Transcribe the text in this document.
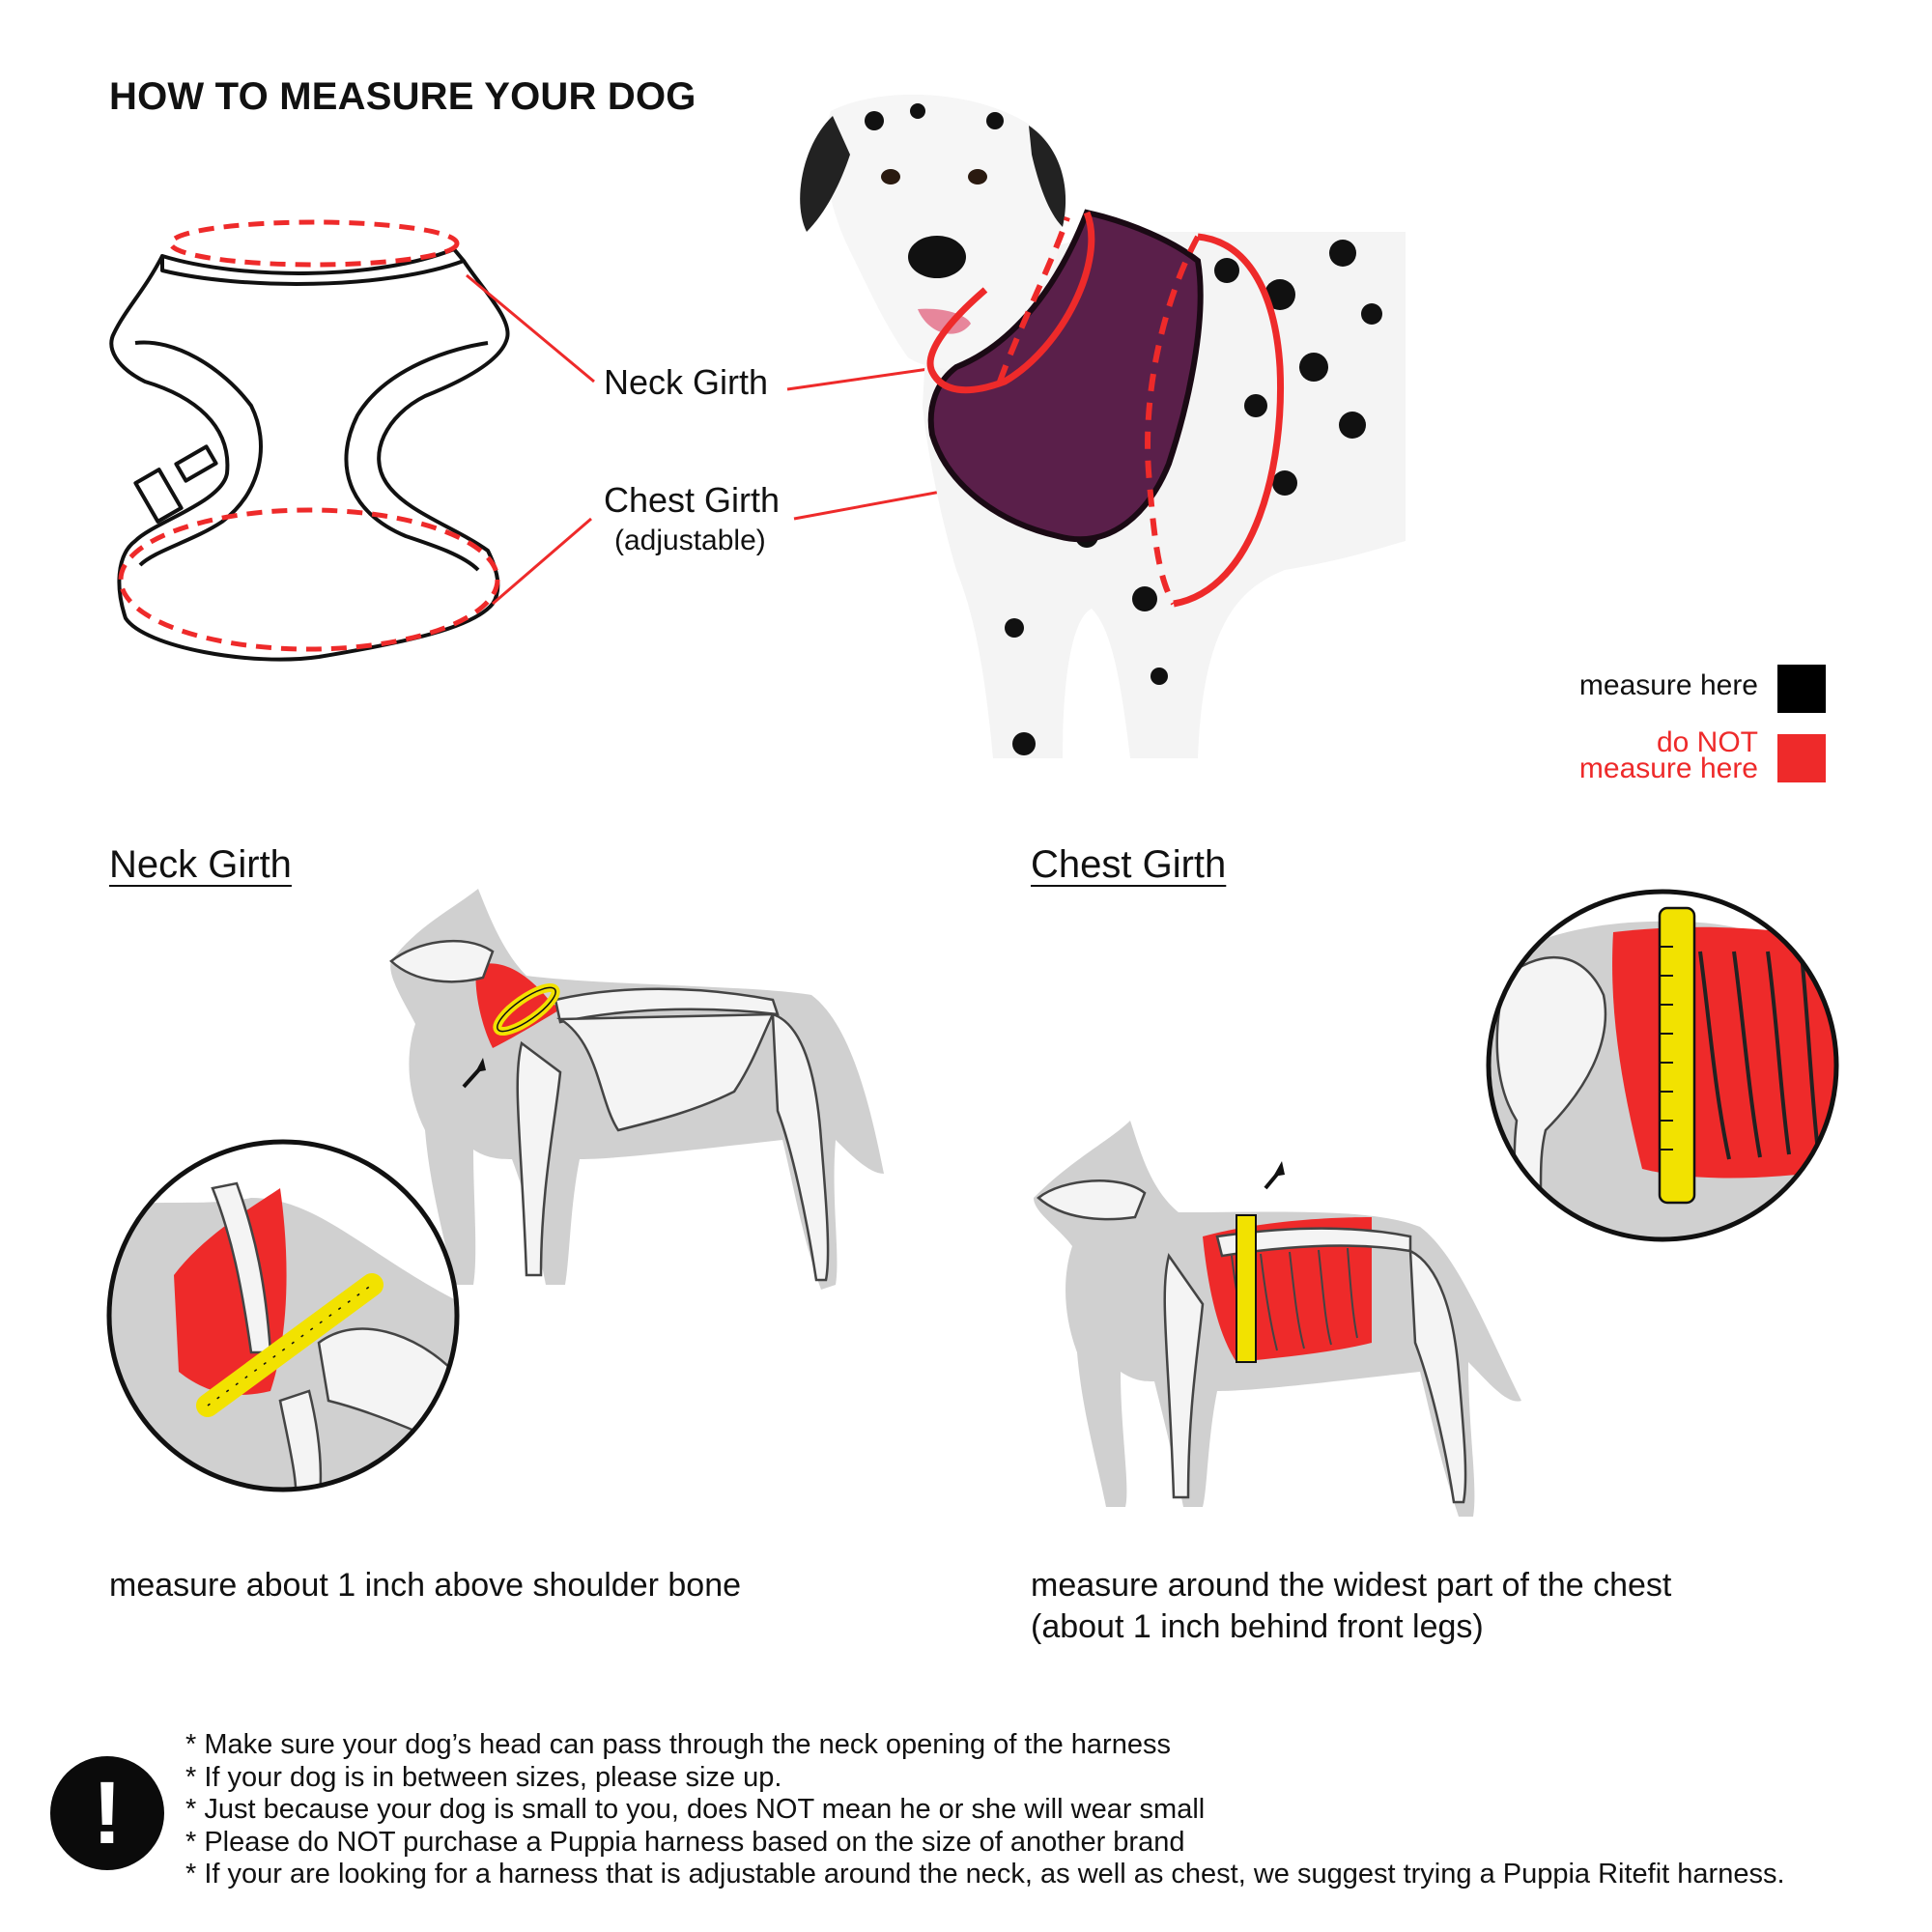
HOW TO MEASURE YOUR DOG
Neck Girth
Chest Girth
(adjustable)
measure here
do NOT
measure here
Neck Girth	Chest Girth
measure about 1 inch above shoulder bone	measure around the widest part of the chest
(about 1 inch behind front legs)
!
* Make sure your dog’s head can pass through the neck opening of the harness
* If your dog is in between sizes, please size up.
* Just because your dog is small to you, does NOT mean he or she will wear small
* Please do NOT purchase a Puppia harness based on the size of another brand
* If your are looking for a harness that is adjustable around the neck, as well as chest, we suggest trying a Puppia Ritefit harness.
